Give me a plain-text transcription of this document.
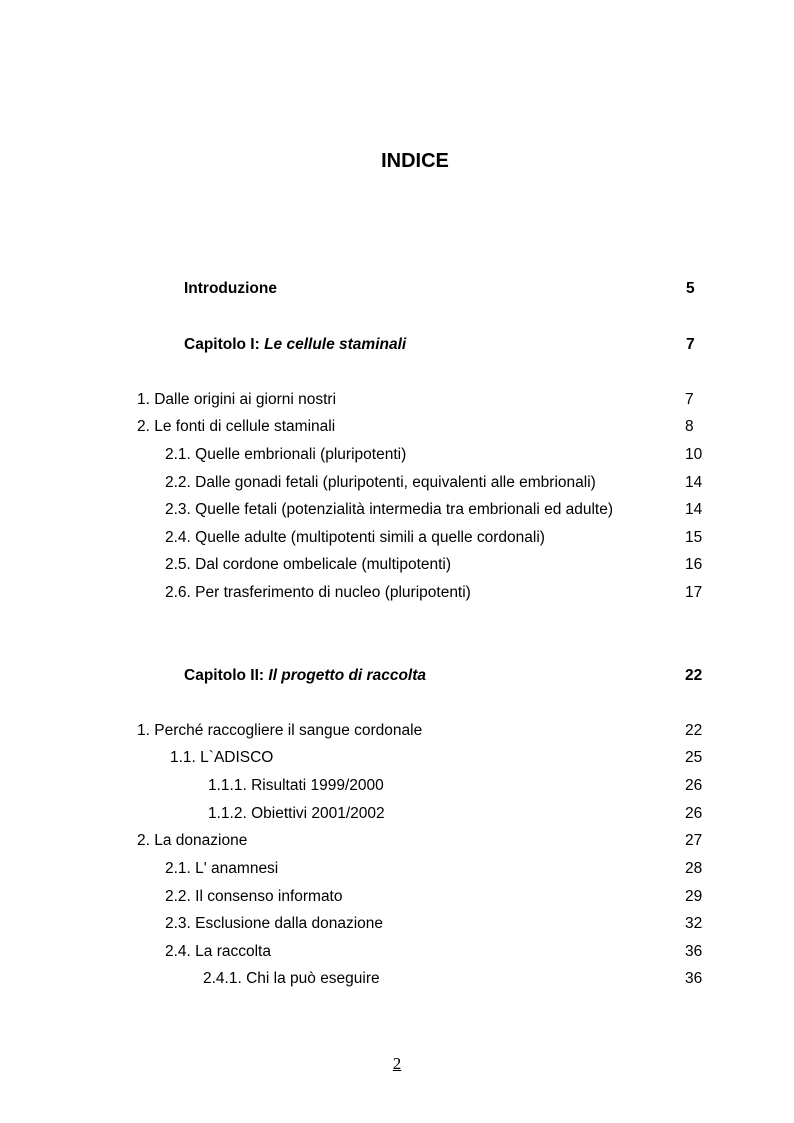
INDICE
Introduzione	5
Capitolo I: Le cellule staminali	7
1. Dalle origini ai giorni nostri	7
2. Le fonti di cellule staminali	8
2.1. Quelle embrionali (pluripotenti)	10
2.2. Dalle gonadi fetali (pluripotenti, equivalenti alle embrionali)	14
2.3. Quelle fetali (potenzialità intermedia tra embrionali ed adulte)	14
2.4. Quelle adulte (multipotenti simili a quelle cordonali)	15
2.5. Dal cordone ombelicale (multipotenti)	16
2.6. Per trasferimento di nucleo (pluripotenti)	17
Capitolo II: Il progetto di raccolta	22
1. Perché raccogliere il sangue cordonale	22
1.1. L`ADISCO	25
1.1.1. Risultati 1999/2000	26
1.1.2. Obiettivi 2001/2002	26
2. La donazione	27
2.1. L' anamnesi	28
2.2. Il consenso informato	29
2.3. Esclusione dalla donazione	32
2.4. La raccolta	36
2.4.1. Chi la può eseguire	36
2
